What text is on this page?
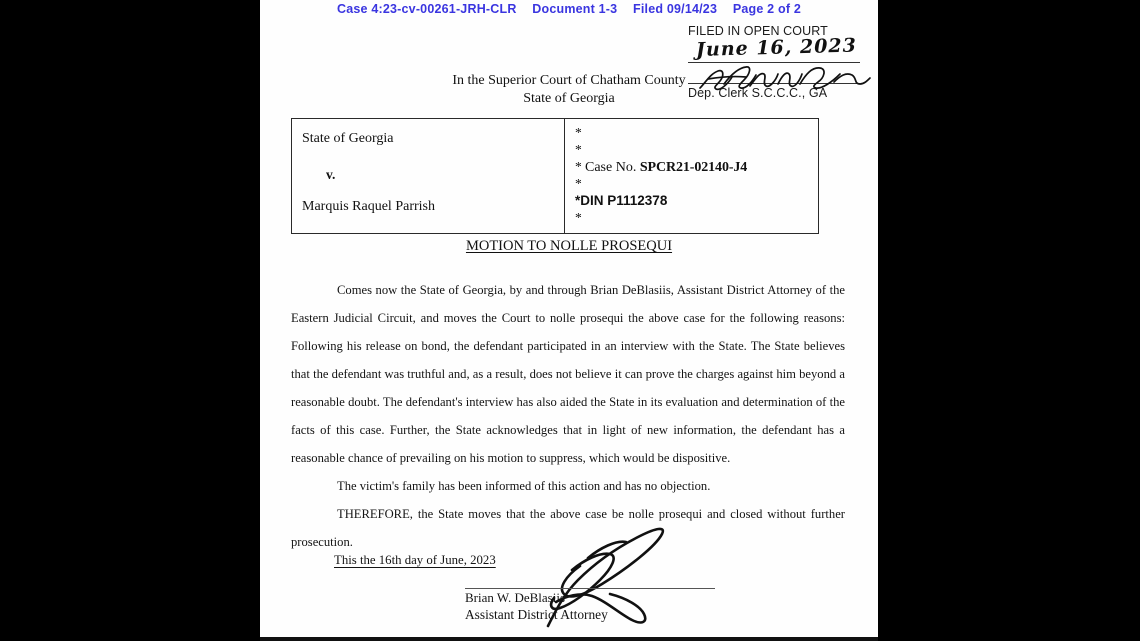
Case 4:23-cv-00261-JRH-CLR Document 1-3 Filed 09/14/23 Page 2 of 2
FILED IN OPEN COURT
June 16, 2023
Dep. Clerk S.C.C.C., GA
In the Superior Court of Chatham County
State of Georgia
State of Georgia
v.
Marquis Raquel Parrish
*
*
* Case No.
SPCR21-02140-J4
*
*DIN P1112378
*
MOTION TO NOLLE PROSEQUI

Comes now the State of Georgia, by and through Brian DeBlasiis, Assistant District Attorney of the Eastern Judicial Circuit, and moves the Court to nolle prosequi the above case for the following reasons: Following his release on bond, the defendant participated in an interview with the State. The State believes that the defendant was truthful and, as a result, does not believe it can prove the charges against him beyond a reasonable doubt. The defendant's interview has also aided the State in its evaluation and determination of the facts of this case. Further, the State acknowledges that in light of new information, the defendant has a reasonable chance of prevailing on his motion to suppress, which would be dispositive.

The victim's family has been informed of this action and has no objection.

THEREFORE, the State moves that the above case be nolle prosequi and closed without further prosecution.

This the 16th day of June, 2023
Brian W. DeBlasiis
Assistant District Attorney
